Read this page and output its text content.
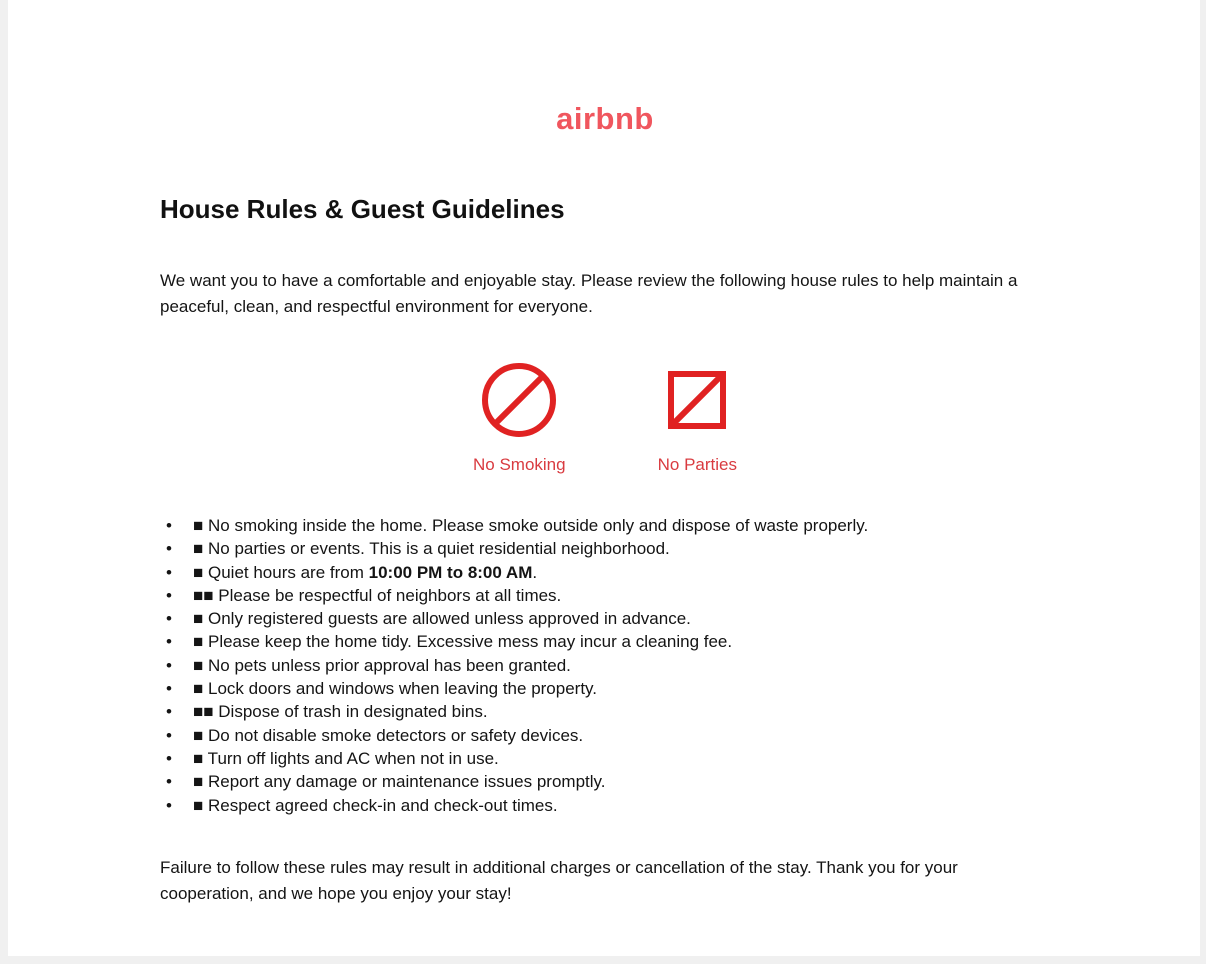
airbnb
House Rules & Guest Guidelines

We want you to have a comfortable and enjoyable stay. Please review the following house rules to help maintain a peaceful, clean, and respectful environment for everyone.

No Smoking	No Parties
• ■ No smoking inside the home. Please smoke outside only and dispose of waste properly.
• ■ No parties or events. This is a quiet residential neighborhood.
• ■ Quiet hours are from 10:00 PM to 8:00 AM.
• ■■ Please be respectful of neighbors at all times.
• ■ Only registered guests are allowed unless approved in advance.
• ■ Please keep the home tidy. Excessive mess may incur a cleaning fee.
• ■ No pets unless prior approval has been granted.
• ■ Lock doors and windows when leaving the property.
• ■■ Dispose of trash in designated bins.
• ■ Do not disable smoke detectors or safety devices.
• ■ Turn off lights and AC when not in use.
• ■ Report any damage or maintenance issues promptly.
• ■ Respect agreed check-in and check-out times.

Failure to follow these rules may result in additional charges or cancellation of the stay. Thank you for your cooperation, and we hope you enjoy your stay!
